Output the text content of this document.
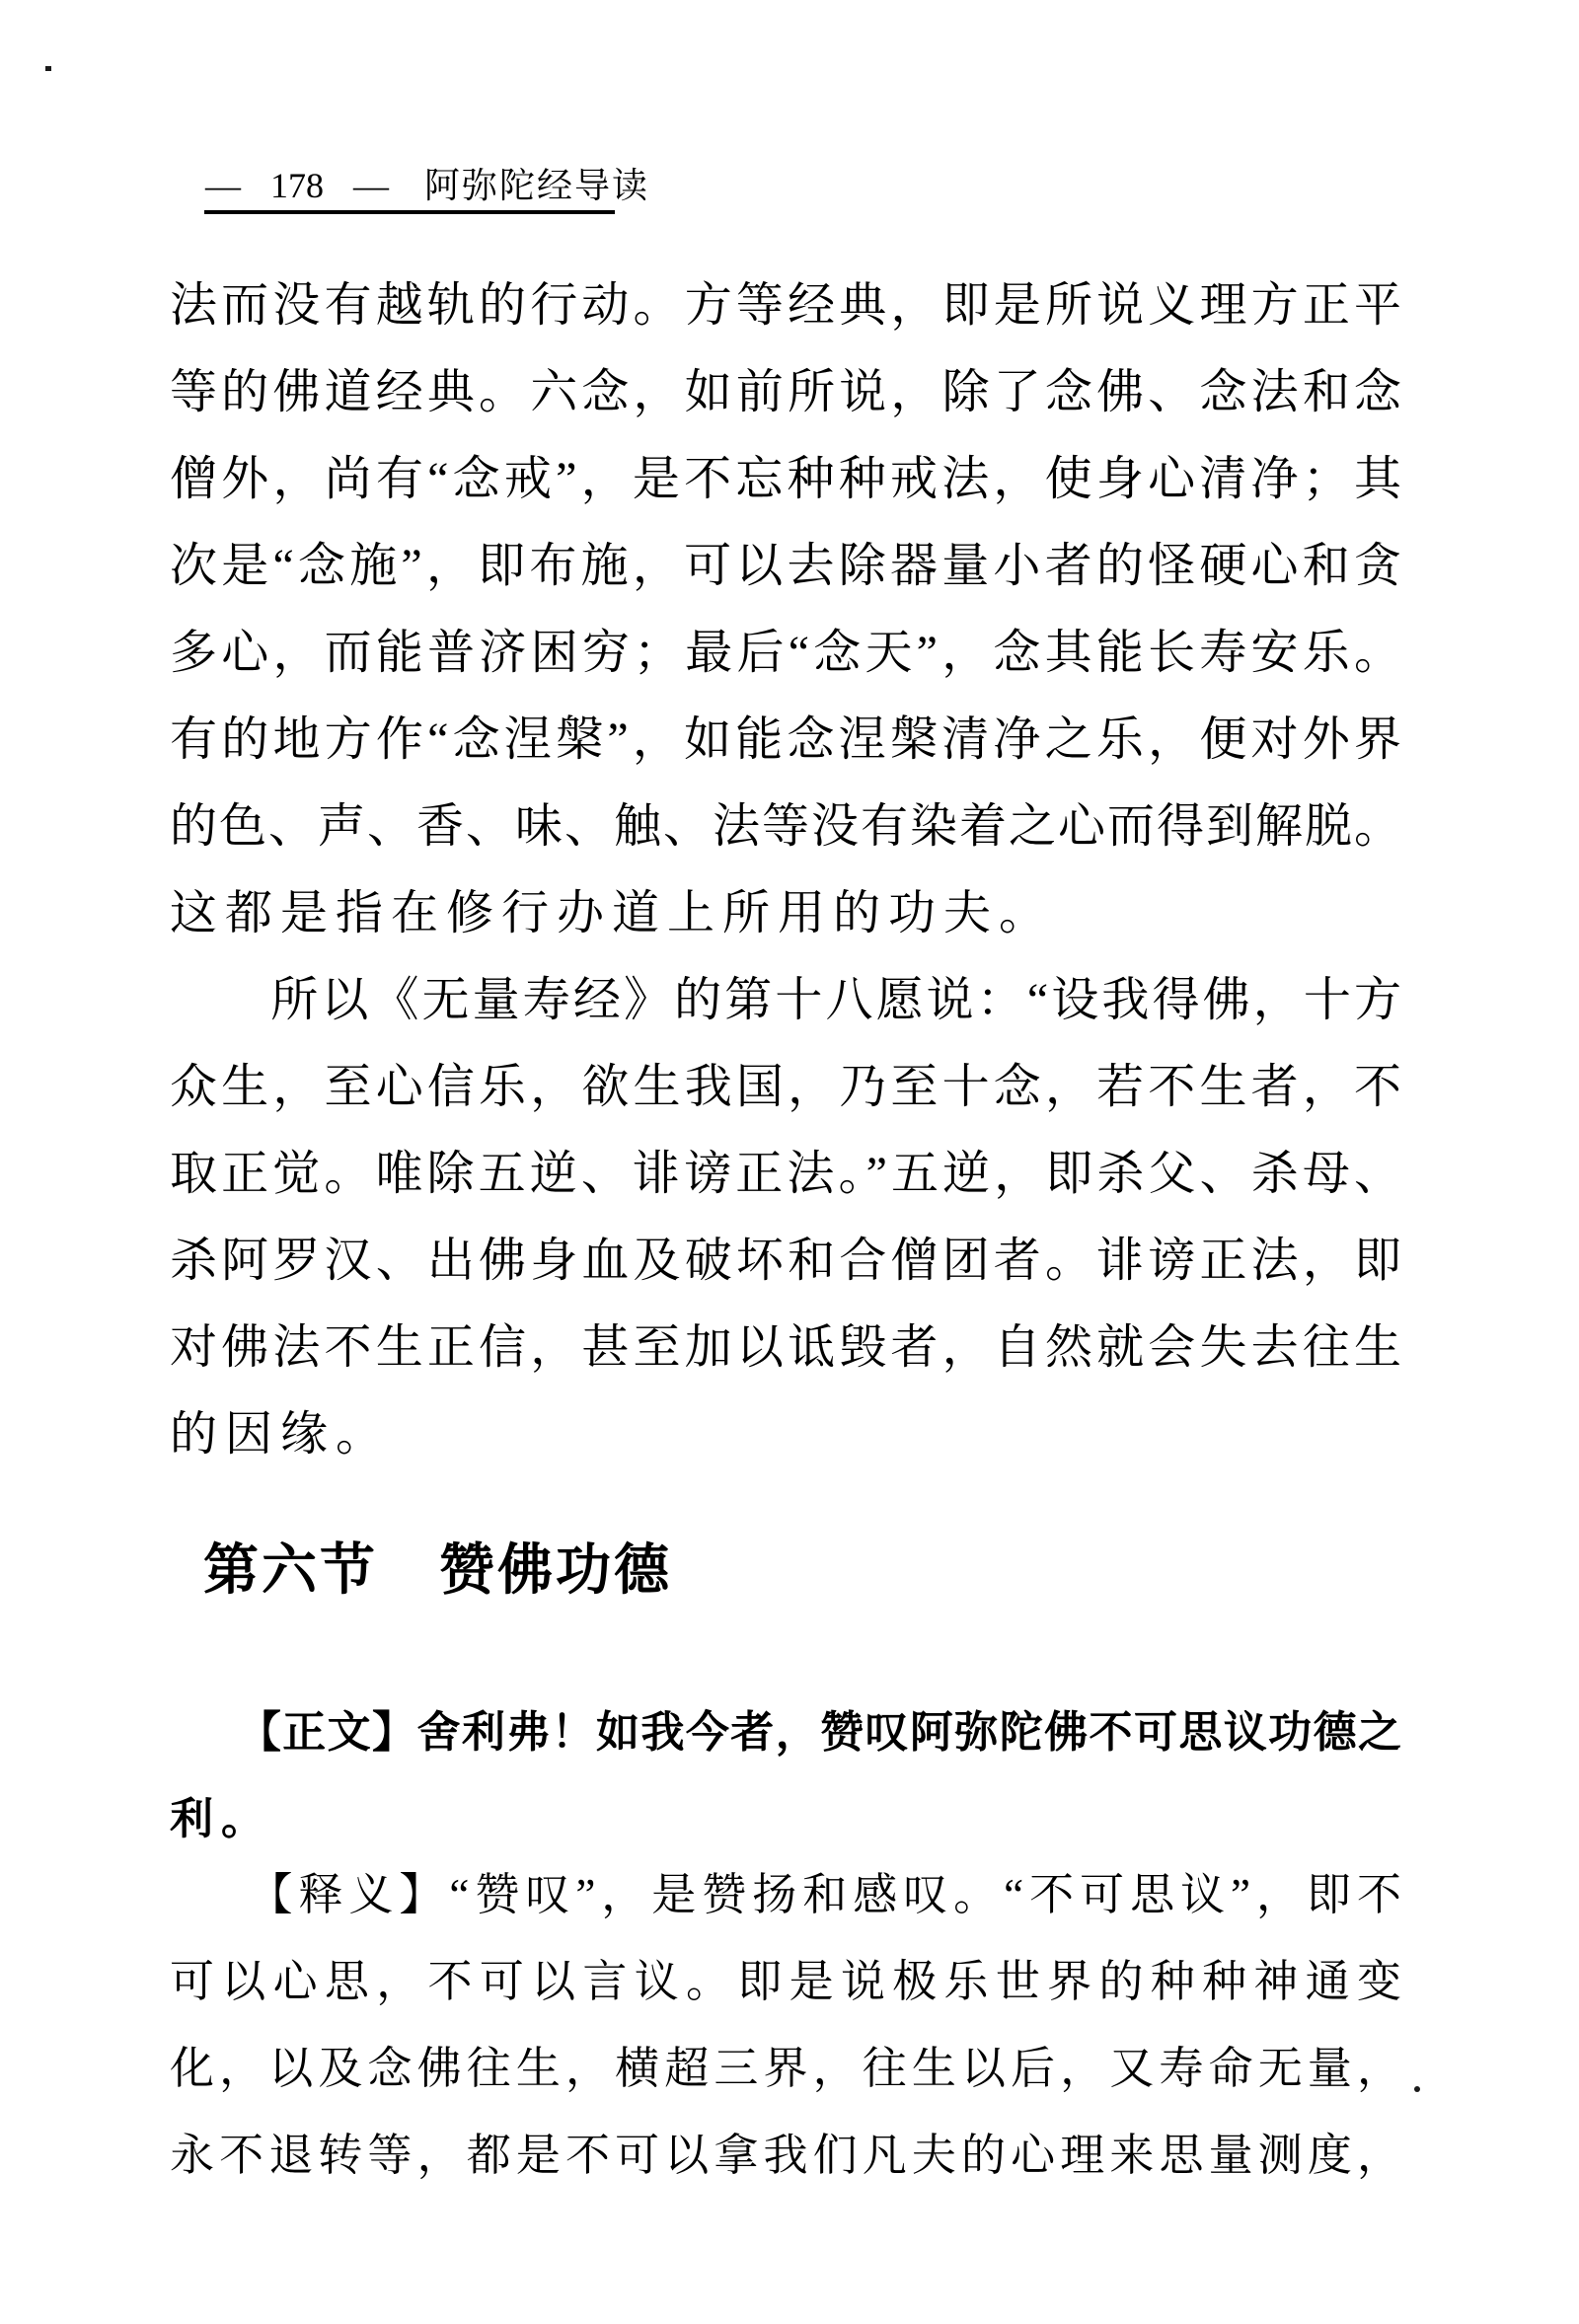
— 178 — 阿弥陀经导读
法而没有越轨的行动。方等经典，即是所说义理方正平
等的佛道经典。六念，如前所说，除了念佛、念法和念
僧外，尚有“念戒”，是不忘种种戒法，使身心清净；其
次是“念施”，即布施，可以去除器量小者的怪硬心和贪
多心，而能普济困穷；最后“念天”，念其能长寿安乐。
有的地方作“念涅槃”，如能念涅槃清净之乐，便对外界
的色、声、香、味、触、法等没有染着之心而得到解脱。
这都是指在修行办道上所用的功夫。
　　所以《无量寿经》的第十八愿说：“设我得佛，十方
众生，至心信乐，欲生我国，乃至十念，若不生者，不
取正觉。唯除五逆、诽谤正法。”五逆，即杀父、杀母、
杀阿罗汉、出佛身血及破坏和合僧团者。诽谤正法，即
对佛法不生正信，甚至加以诋毁者，自然就会失去往生
的因缘。
第六节 赞佛功德
　　【正文】舍利弗！如我今者，赞叹阿弥陀佛不可思议功德之
利。
　　【释义】“赞叹”，是赞扬和感叹。“不可思议”，即不
可以心思，不可以言议。即是说极乐世界的种种神通变
化，以及念佛往生，横超三界，往生以后，又寿命无量，
永不退转等，都是不可以拿我们凡夫的心理来思量测度，
